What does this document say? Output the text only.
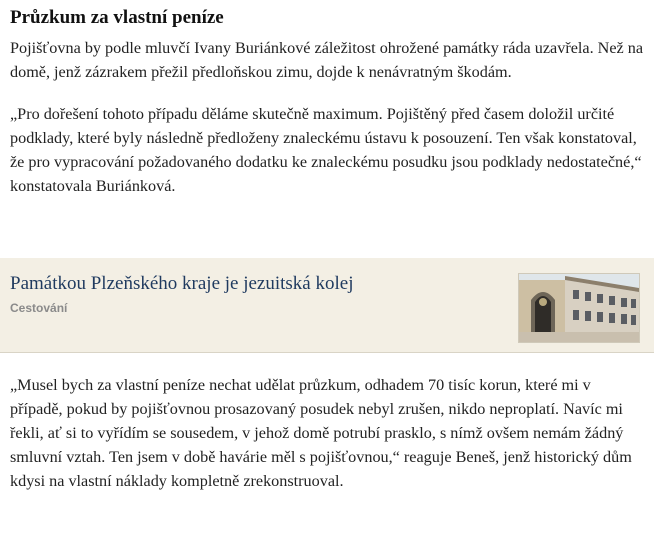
Průzkum za vlastní peníze

Pojišťovna by podle mluvčí Ivany Buriánkové záležitost ohrožené památky ráda uzavřela. Než na domě, jenž zázrakem přežil předloňskou zimu, dojde k nenávratným škodám.

„Pro dořešení tohoto případu děláme skutečně maximum. Pojištěný před časem doložil určité podklady, které byly následně předloženy znaleckému ústavu k posouzení. Ten však konstatoval, že pro vypracování požadovaného dodatku ke znaleckému posudku jsou podklady nedostatečné,“ konstatovala Buriánková.

Památkou Plzeňského kraje je jezuitská kolej
Cestování

„Musel bych za vlastní peníze nechat udělat průzkum, odhadem 70 tisíc korun, které mi v případě, pokud by pojišťovnou prosazovaný posudek nebyl zrušen, nikdo neproplatí. Navíc mi řekli, ať si to vyřídím se sousedem, v jehož domě potrubí prasklo, s nímž ovšem nemám žádný smluvní vztah. Ten jsem v době havárie měl s pojišťovnou,“ reaguje Beneš, jenž historický dům kdysi na vlastní náklady kompletně zrekonstruoval.
